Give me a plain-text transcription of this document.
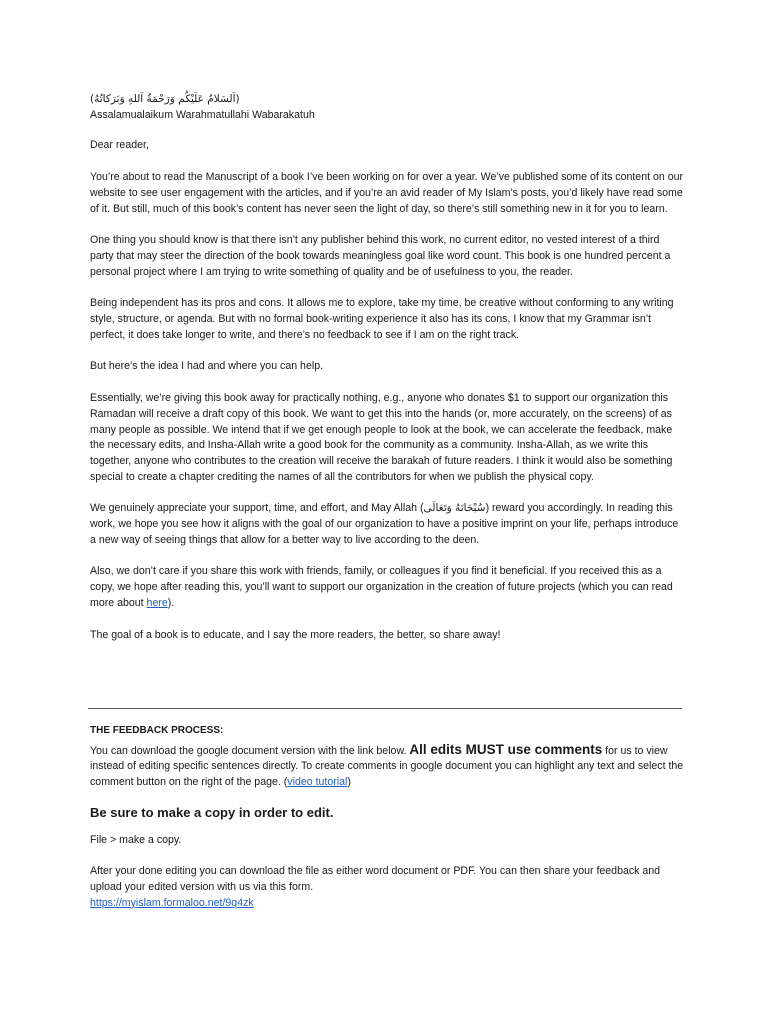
(اَلسَلامُ عَلَيْكُم وَرَحْمَةُ اَللهِ وَبَرَكاتُهُ)

Assalamualaikum Warahmatullahi Wabarakatuh

Dear reader,

You’re about to read the Manuscript of a book I’ve been working on for over a year. We’ve published some of its content on our website to see user engagement with the articles, and if you’re an avid reader of My Islam’s posts, you’d likely have read some of it. But still, much of this book’s content has never seen the light of day, so there’s still something new in it for you to learn.

One thing you should know is that there isn’t any publisher behind this work, no current editor, no vested interest of a third party that may steer the direction of the book towards meaningless goal like word count. This book is one hundred percent a personal project where I am trying to write something of quality and be of usefulness to you, the reader.

Being independent has its pros and cons. It allows me to explore, take my time, be creative without conforming to any writing style, structure, or agenda. But with no formal book-writing experience it also has its cons, I know that my Grammar isn’t perfect, it does take longer to write, and there’s no feedback to see if I am on the right track.

But here’s the idea I had and where you can help.

Essentially, we’re giving this book away for practically nothing, e.g., anyone who donates $1 to support our organization this Ramadan will receive a draft copy of this book. We want to get this into the hands (or, more accurately, on the screens) of as many people as possible. We intend that if we get enough people to look at the book, we can accelerate the feedback, make the necessary edits, and Insha-Allah write a good book for the community as a community. Insha-Allah, as we write this together, anyone who contributes to the creation will receive the barakah of future readers. I think it would also be something special to create a chapter crediting the names of all the contributors for when we publish the physical copy.

We genuinely appreciate your support, time, and effort, and May Allah (سُبْحَانَهُ وَتَعَالَى) reward you accordingly. In reading this work, we hope you see how it aligns with the goal of our organization to have a positive imprint on your life, perhaps introduce a new way of seeing things that allow for a better way to live according to the deen.

Also, we don’t care if you share this work with friends, family, or colleagues if you find it beneficial. If you received this as a copy, we hope after reading this, you’ll want to support our organization in the creation of future projects (which you can read more about here).

The goal of a book is to educate, and I say the more readers, the better, so share away!

THE FEEDBACK PROCESS:

You can download the google document version with the link below. All edits MUST use comments for us to view instead of editing specific sentences directly. To create comments in google document you can highlight any text and select the comment button on the right of the page. (video tutorial)

Be sure to make a copy in order to edit.

File > make a copy.

After your done editing you can download the file as either word document or PDF. You can then share your feedback and upload your edited version with us via this form.

https://myislam.formaloo.net/9q4zk
